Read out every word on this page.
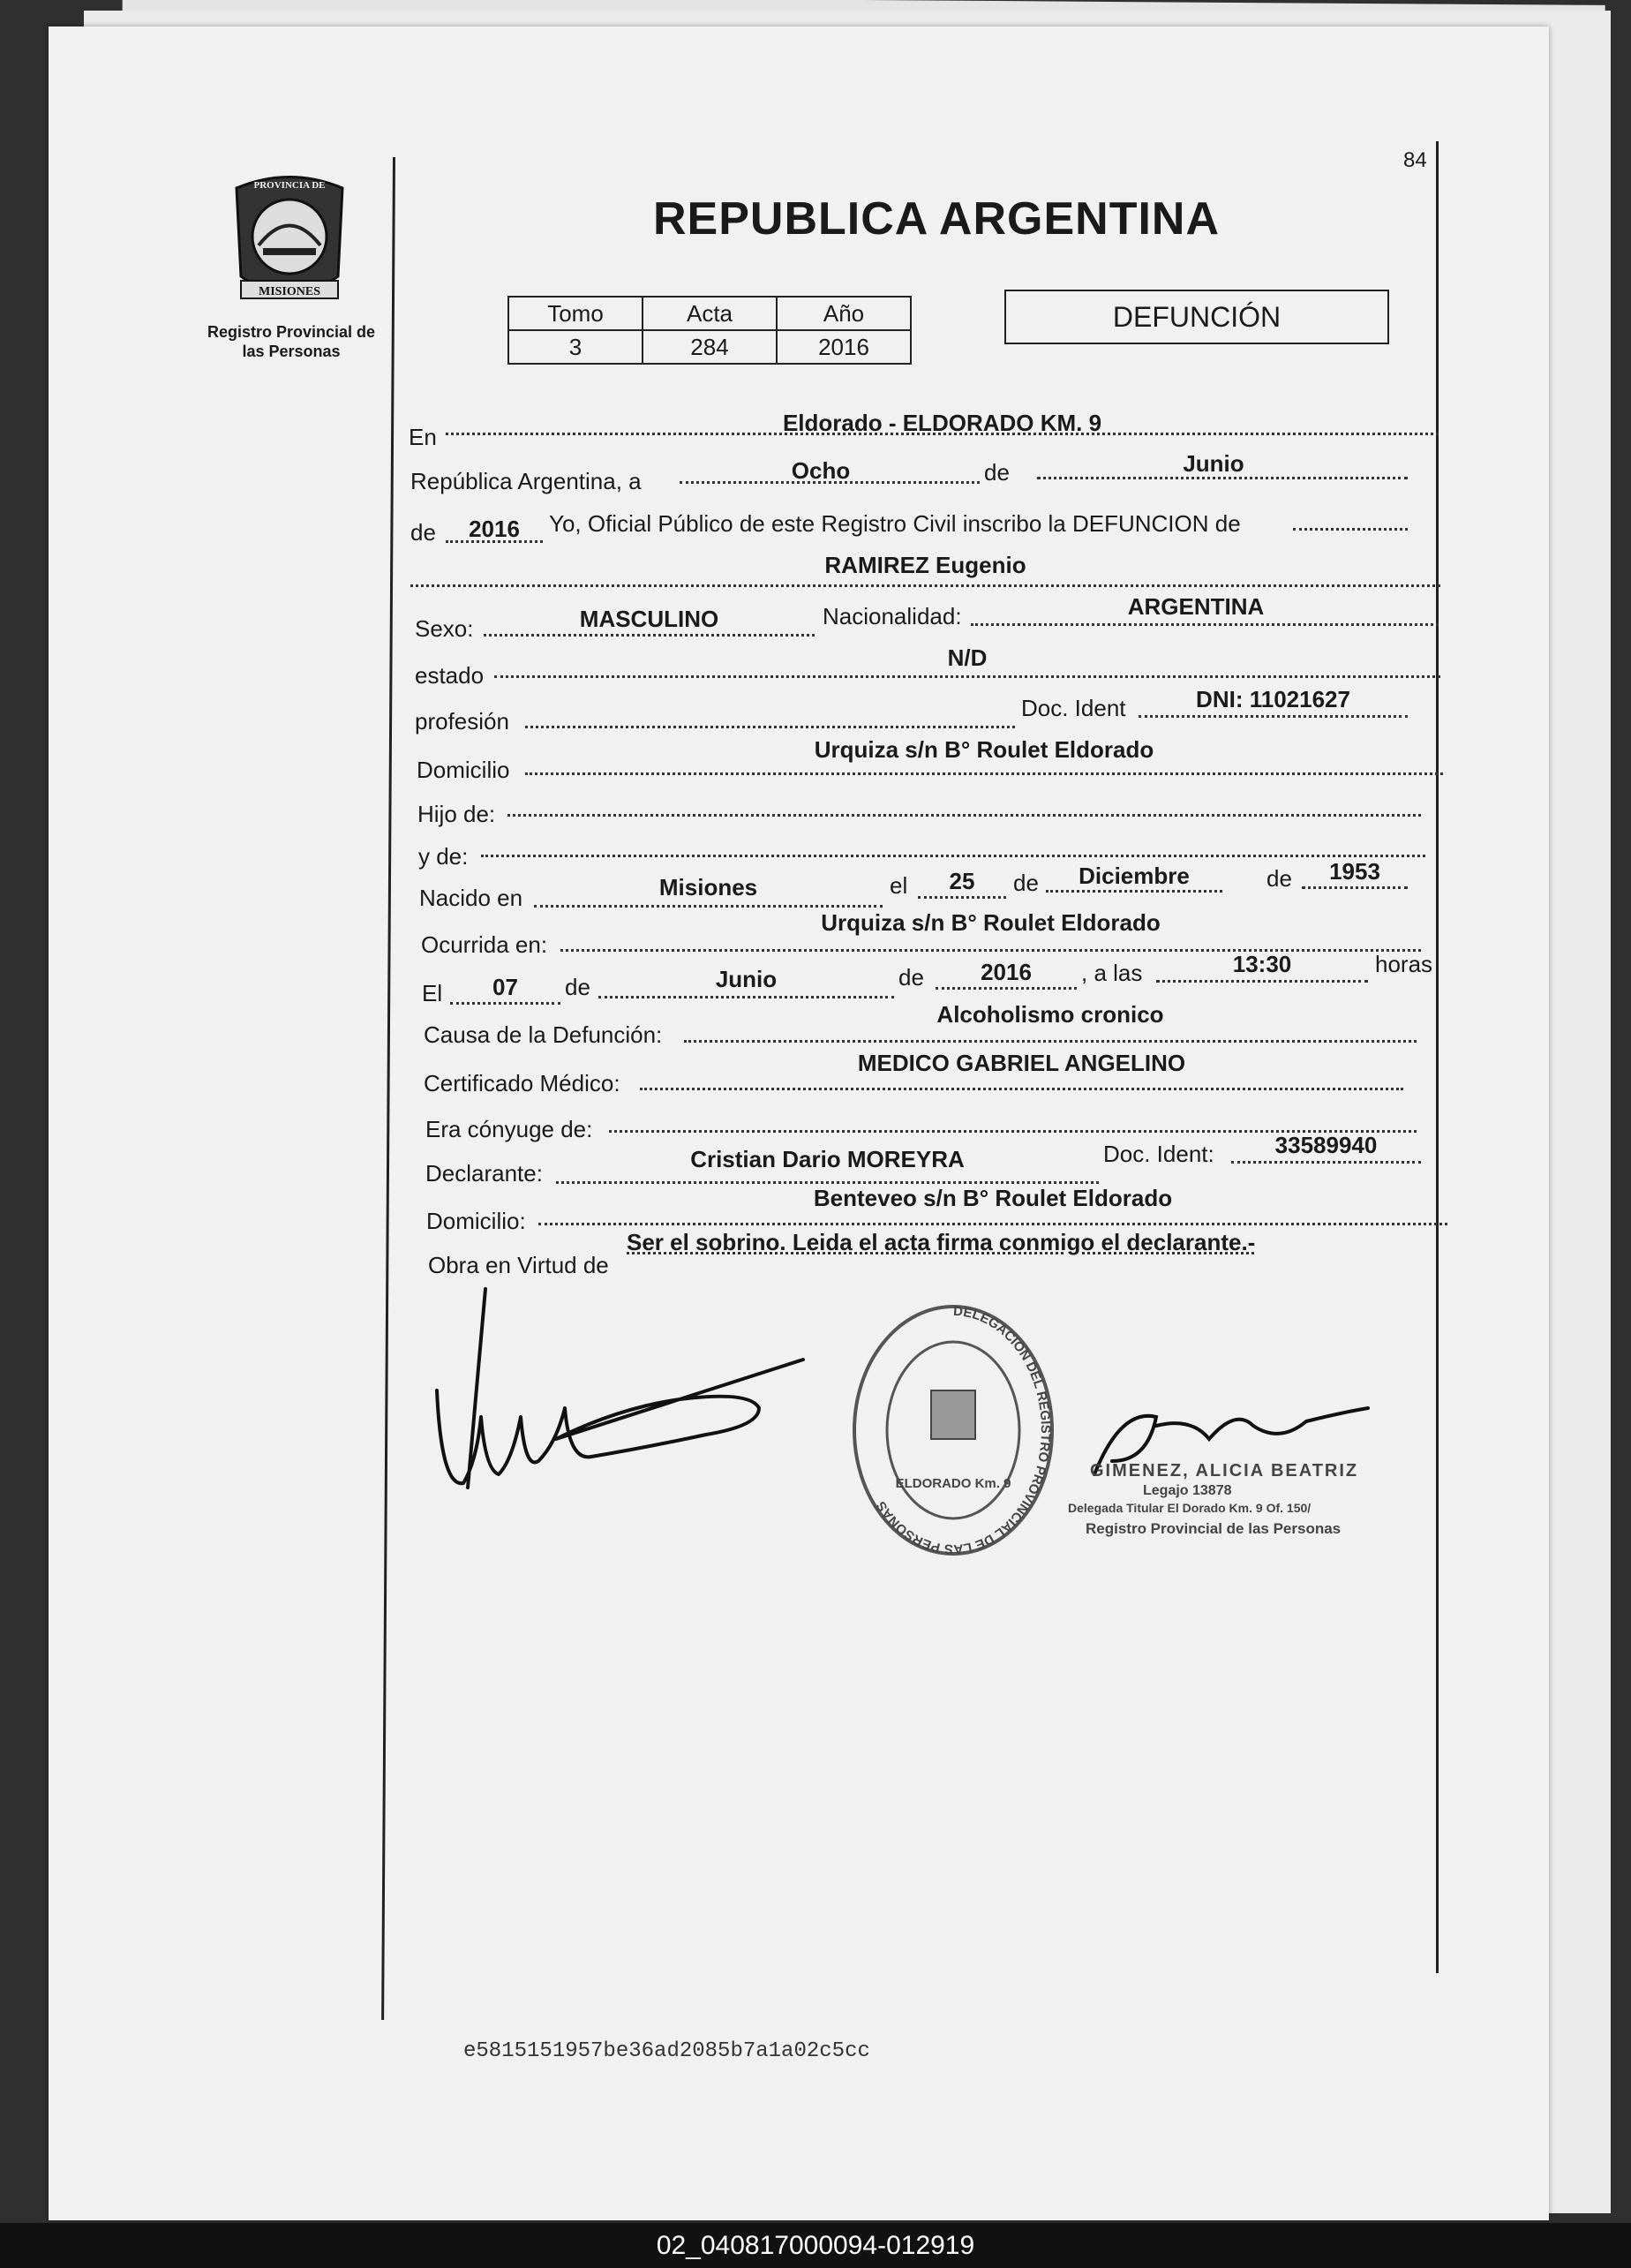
84
MISIONES
PROVINCIA DE
Registro Provincial de las Personas
REPUBLICA ARGENTINA
Tomo	Acta	Año
3	284	2016
DEFUNCIÓN
En
Eldorado - ELDORADO KM. 9
República Argentina, a	Ocho	de	Junio
de	2016	Yo, Oficial Público de este Registro Civil inscribo la DEFUNCION de
RAMIREZ Eugenio
Sexo:	MASCULINO	Nacionalidad:	ARGENTINA
estado
N/D
profesión	Doc. Ident	DNI: 11021627
Domicilio
Urquiza s/n B° Roulet Eldorado
Hijo de:
y de:
Nacido en	Misiones	el	25	de	Diciembre	de	1953
Ocurrida en:
Urquiza s/n B° Roulet Eldorado
El	07	de	Junio	de	2016	, a las	13:30	horas
Causa de la Defunción:
Alcoholismo cronico
Certificado Médico:
MEDICO GABRIEL ANGELINO
Era cónyuge de:
Declarante:
Cristian Dario MOREYRA	Doc. Ident:	33589940
Domicilio:
Benteveo s/n B° Roulet Eldorado
Obra en Virtud de
Ser el sobrino. Leida el acta firma conmigo el declarante.-
DELEGACION DEL REGISTRO PROVINCIAL DE LAS PERSONAS
ELDORADO Km. 9
GIMENEZ, ALICIA BEATRIZ
Legajo 13878
Delegada Titular El Dorado Km. 9 Of. 150/
Registro Provincial de las Personas
e5815151957be36ad2085b7a1a02c5cc
02_040817000094-012919
